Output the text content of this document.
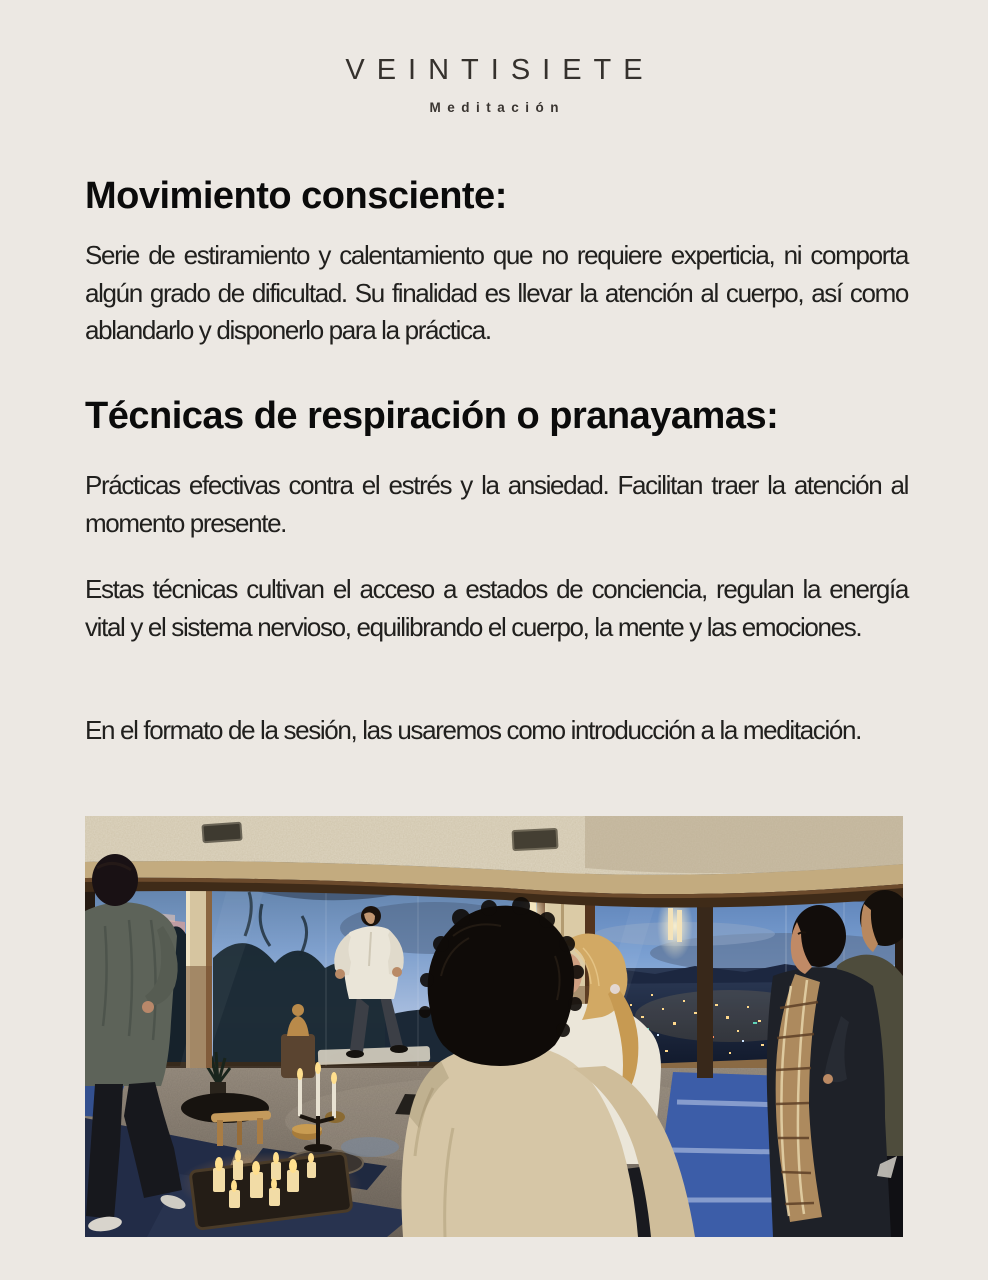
VEINTISIETE
Meditación
Movimiento consciente:

Serie de estiramiento y calentamiento que no requiere experticia, ni comporta algún grado de dificultad. Su finalidad es llevar la atención al cuerpo, así como ablandarlo y disponerlo para la práctica.

Técnicas de respiración o pranayamas:

Prácticas efectivas contra el estrés y la ansiedad. Facilitan traer la atención al momento presente.

Estas técnicas cultivan el acceso a estados de conciencia, regulan la energía vital y el sistema nervioso, equilibrando el cuerpo, la mente y las emociones.

En el formato de la sesión, las usaremos como introducción a la meditación.
